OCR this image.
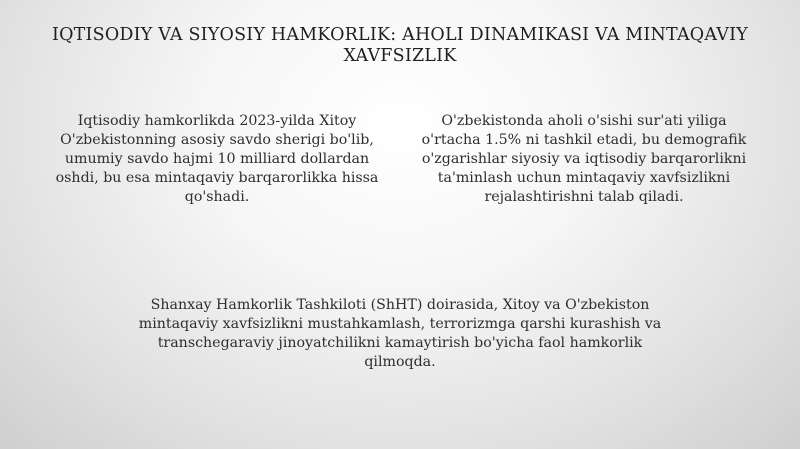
IQTISODIY VA SIYOSIY HAMKORLIK: AHOLI DINAMIKASI VA MINTAQAVIY XAVFSIZLIK
Iqtisodiy hamkorlikda 2023-yilda Xitoy O'zbekistonning asosiy savdo sherigi bo'lib, umumiy savdo hajmi 10 milliard dollardan oshdi, bu esa mintaqaviy barqarorlikka hissa qo'shadi.
O'zbekistonda aholi o'sishi sur'ati yiliga o'rtacha 1.5% ni tashkil etadi, bu demografik o'zgarishlar siyosiy va iqtisodiy barqarorlikni ta'minlash uchun mintaqaviy xavfsizlikni rejalashtirishni talab qiladi.
Shanxay Hamkorlik Tashkiloti (ShHT) doirasida, Xitoy va O'zbekiston mintaqaviy xavfsizlikni mustahkamlash, terrorizmga qarshi kurashish va transchegaraviy jinoyatchilikni kamaytirish bo'yicha faol hamkorlik qilmoqda.
